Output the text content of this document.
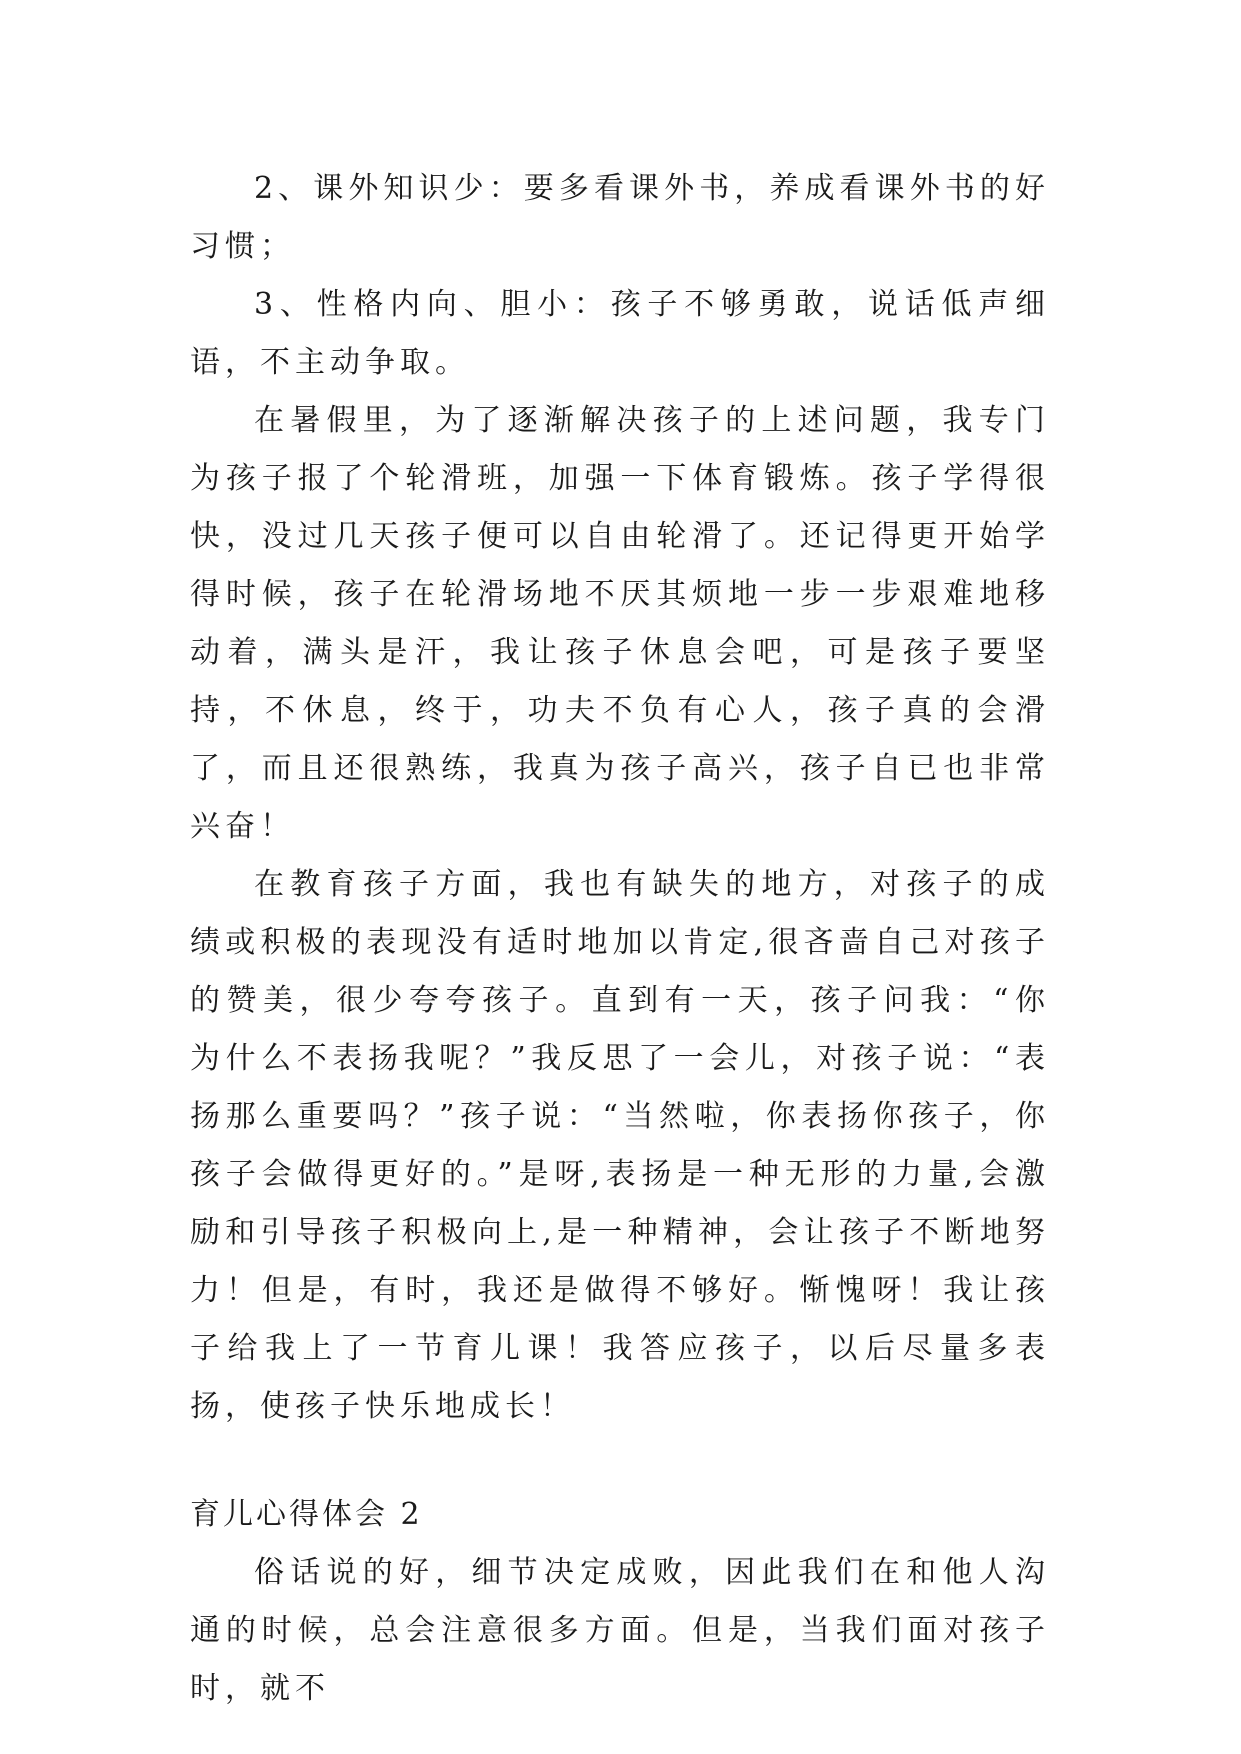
2、课外知识少：要多看课外书，养成看课外书的好习惯；

3、性格内向、胆小：孩子不够勇敢，说话低声细语，不主动争取。

在暑假里，为了逐渐解决孩子的上述问题，我专门为孩子报了个轮滑班，加强一下体育锻炼。孩子学得很快，没过几天孩子便可以自由轮滑了。还记得更开始学得时候，孩子在轮滑场地不厌其烦地一步一步艰难地移动着，满头是汗，我让孩子休息会吧，可是孩子要坚持，不休息，终于，功夫不负有心人，孩子真的会滑了，而且还很熟练，我真为孩子高兴，孩子自已也非常兴奋！

在教育孩子方面，我也有缺失的地方，对孩子的成绩或积极的表现没有适时地加以肯定,很吝啬自己对孩子的赞美，很少夸夸孩子。直到有一天，孩子问我：“你为什么不表扬我呢？”我反思了一会儿，对孩子说：“表扬那么重要吗？”孩子说：“当然啦，你表扬你孩子，你孩子会做得更好的。”是呀,表扬是一种无形的力量,会激励和引导孩子积极向上,是一种精神，会让孩子不断地努力！但是，有时，我还是做得不够好。惭愧呀！我让孩子给我上了一节育儿课！我答应孩子，以后尽量多表扬，使孩子快乐地成长！

育儿心得体会 2

俗话说的好，细节决定成败，因此我们在和他人沟通的时候，总会注意很多方面。但是，当我们面对孩子时，就不
